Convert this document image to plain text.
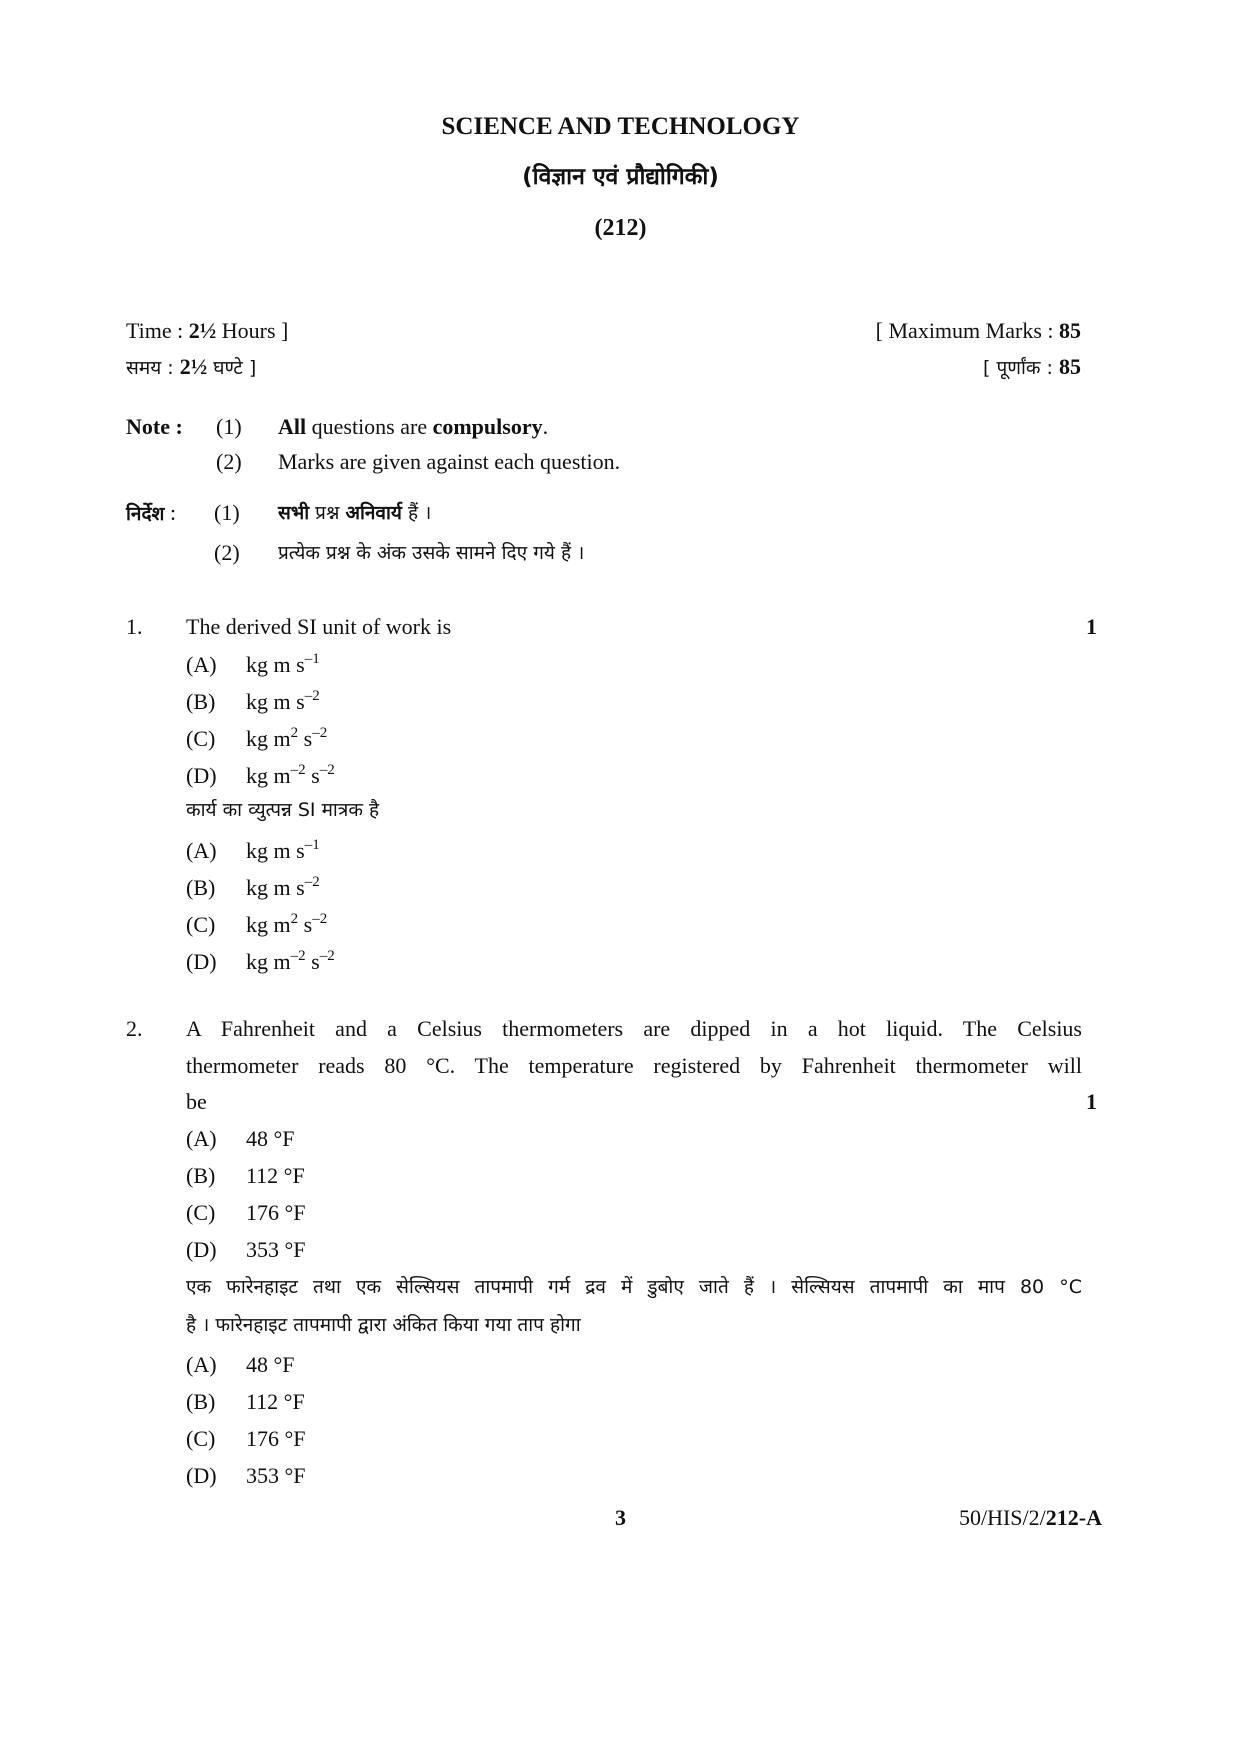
SCIENCE AND TECHNOLOGY
(विज्ञान एवं प्रौद्योगिकी)
(212)
Time : 2½ Hours ]
समय : 2½ घण्टे ]
[ Maximum Marks : 85
[ पूर्णांक : 85
Note : (1) All questions are compulsory.
(2) Marks are given against each question.
निर्देश : (1) सभी प्रश्न अनिवार्य हैं ।
(2) प्रत्येक प्रश्न के अंक उसके सामने दिए गये हैं ।
1. The derived SI unit of work is	1
(A) kg m $s^{-1}$
(B) kg m $s^{-2}$
(C) kg $m^2$ $s^{-2}$
(D) kg $m^{-2}$ $s^{-2}$
कार्य का व्युत्पन्न SI मात्रक है
(A) kg m $s^{-1}$
(B) kg m $s^{-2}$
(C) kg $m^2$ $s^{-2}$
(D) kg $m^{-2}$ $s^{-2}$
2. A Fahrenheit and a Celsius thermometers are dipped in a hot liquid. The Celsius
thermometer reads 80 °C. The temperature registered by Fahrenheit thermometer will
be	1
(A) 48 °F
(B) 112 °F
(C) 176 °F
(D) 353 °F
एक फारेनहाइट तथा एक सेल्सियस तापमापी गर्म द्रव में डुबोए जाते हैं । सेल्सियस तापमापी का माप 80 °C
है । फारेनहाइट तापमापी द्वारा अंकित किया गया ताप होगा
(A) 48 °F
(B) 112 °F
(C) 176 °F
(D) 353 °F
3	50/HIS/2/212-A
